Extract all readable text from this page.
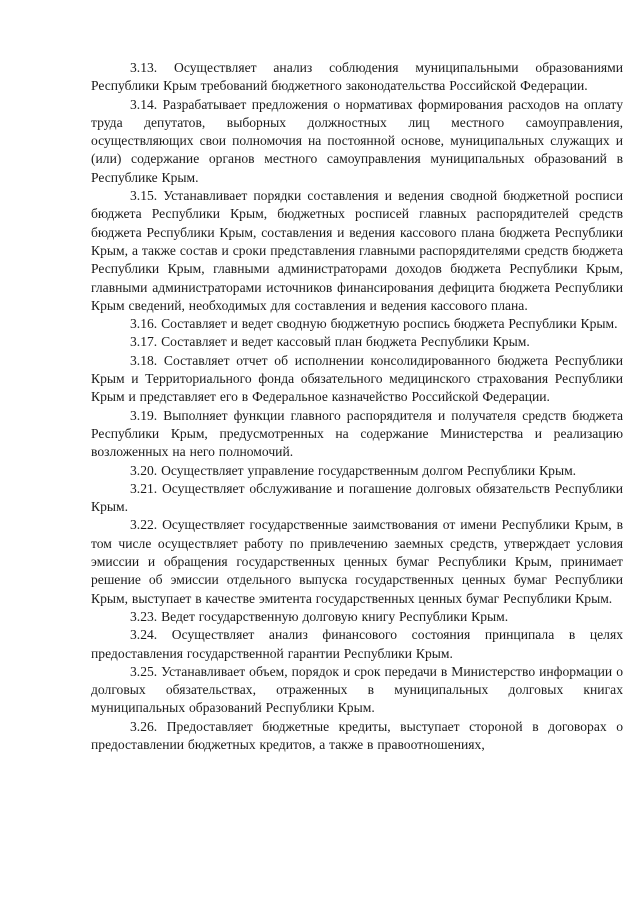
3.13. Осуществляет анализ соблюдения муниципальными образованиями Республики Крым требований бюджетного законодательства Российской Федерации.

3.14. Разрабатывает предложения о нормативах формирования расходов на оплату труда депутатов, выборных должностных лиц местного самоуправления, осуществляющих свои полномочия на постоянной основе, муниципальных служащих и (или) содержание органов местного самоуправления муниципальных образований в Республике Крым.

3.15. Устанавливает порядки составления и ведения сводной бюджетной росписи бюджета Республики Крым, бюджетных росписей главных распорядителей средств бюджета Республики Крым, составления и ведения кассового плана бюджета Республики Крым, а также состав и сроки представления главными распорядителями средств бюджета Республики Крым, главными администраторами доходов бюджета Республики Крым, главными администраторами источников финансирования дефицита бюджета Республики Крым сведений, необходимых для составления и ведения кассового плана.

3.16. Составляет и ведет сводную бюджетную роспись бюджета Республики Крым.

3.17. Составляет и ведет кассовый план бюджета Республики Крым.

3.18. Составляет отчет об исполнении консолидированного бюджета Республики Крым и Территориального фонда обязательного медицинского страхования Республики Крым и представляет его в Федеральное казначейство Российской Федерации.

3.19. Выполняет функции главного распорядителя и получателя средств бюджета Республики Крым, предусмотренных на содержание Министерства и реализацию возложенных на него полномочий.

3.20. Осуществляет управление государственным долгом Республики Крым.

3.21. Осуществляет обслуживание и погашение долговых обязательств Республики Крым.

3.22. Осуществляет государственные заимствования от имени Республики Крым, в том числе осуществляет работу по привлечению заемных средств, утверждает условия эмиссии и обращения государственных ценных бумаг Республики Крым, принимает решение об эмиссии отдельного выпуска государственных ценных бумаг Республики Крым, выступает в качестве эмитента государственных ценных бумаг Республики Крым.

3.23. Ведет государственную долговую книгу Республики Крым.

3.24. Осуществляет анализ финансового состояния принципала в целях предоставления государственной гарантии Республики Крым.

3.25. Устанавливает объем, порядок и срок передачи в Министерство информации о долговых обязательствах, отраженных в муниципальных долговых книгах муниципальных образований Республики Крым.

3.26. Предоставляет бюджетные кредиты, выступает стороной в договорах о предоставлении бюджетных кредитов, а также в правоотношениях,
